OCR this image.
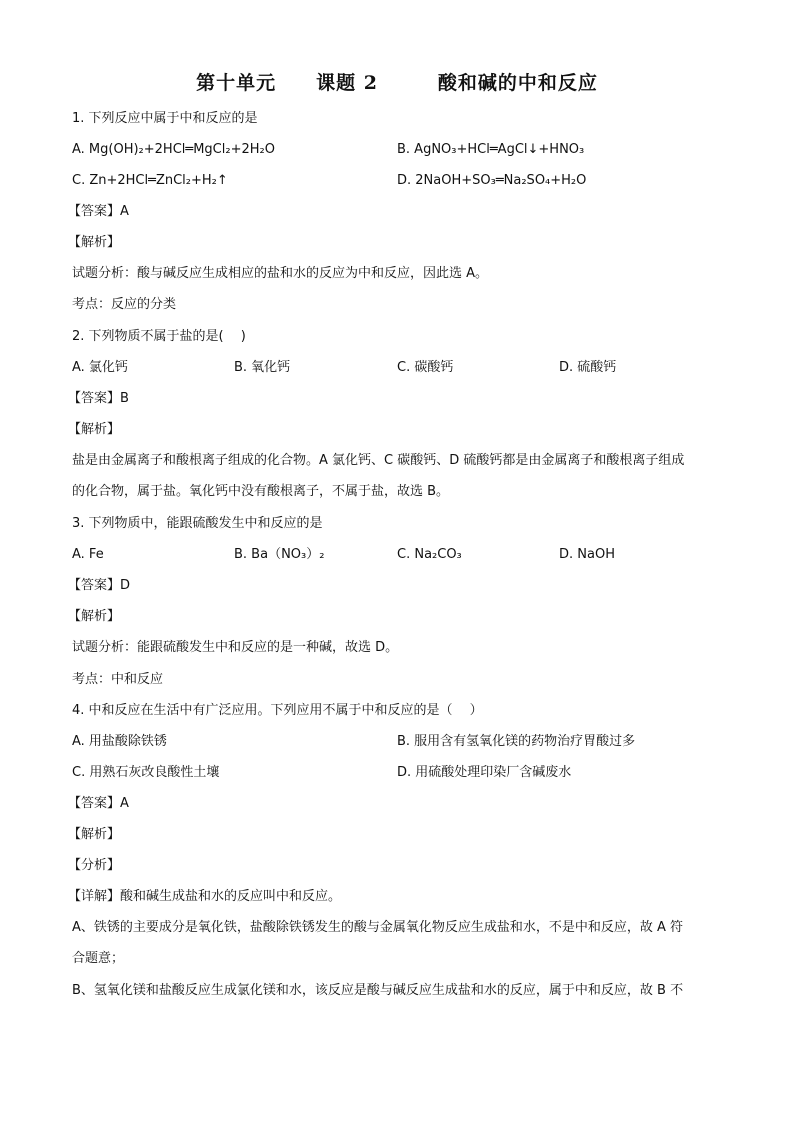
第十单元　　课题 2　　　酸和碱的中和反应
1. 下列反应中属于中和反应的是
A. Mg(OH)₂+2HCl═MgCl₂+2H₂O	B. AgNO₃+HCl═AgCl↓+HNO₃
C. Zn+2HCl═ZnCl₂+H₂↑	D. 2NaOH+SO₃═Na₂SO₄+H₂O
【答案】A
【解析】
试题分析：酸与碱反应生成相应的盐和水的反应为中和反应，因此选 A。
考点：反应的分类
2. 下列物质不属于盐的是(　 )
A. 氯化钙	B. 氧化钙	C. 碳酸钙	D. 硫酸钙
【答案】B
【解析】
盐是由金属离子和酸根离子组成的化合物。A 氯化钙、C 碳酸钙、D 硫酸钙都是由金属离子和酸根离子组成
的化合物，属于盐。氧化钙中没有酸根离子，不属于盐，故选 B。
3. 下列物质中，能跟硫酸发生中和反应的是
A. Fe	B. Ba（NO₃）₂	C. Na₂CO₃	D. NaOH
【答案】D
【解析】
试题分析：能跟硫酸发生中和反应的是一种碱，故选 D。
考点：中和反应
4. 中和反应在生活中有广泛应用。下列应用不属于中和反应的是（　 ）
A. 用盐酸除铁锈	B. 服用含有氢氧化镁的药物治疗胃酸过多
C. 用熟石灰改良酸性土壤	D. 用硫酸处理印染厂含碱废水
【答案】A
【解析】
【分析】
【详解】酸和碱生成盐和水的反应叫中和反应。
A、铁锈的主要成分是氧化铁，盐酸除铁锈发生的酸与金属氧化物反应生成盐和水，不是中和反应，故 A 符
合题意；
B、氢氧化镁和盐酸反应生成氯化镁和水，该反应是酸与碱反应生成盐和水的反应，属于中和反应，故 B 不
